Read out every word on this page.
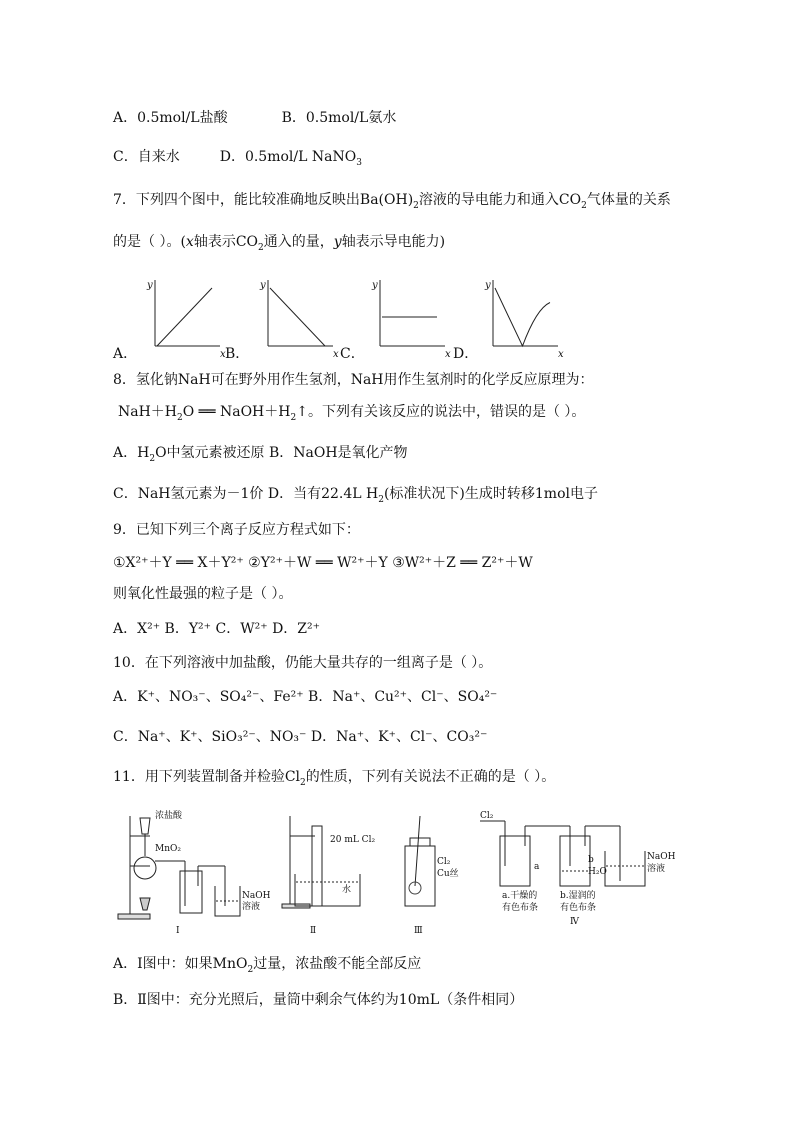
A．0.5mol/L盐酸	B．0.5mol/L氨水
C．自来水	D．0.5mol/L NaNO$_3$
7．下列四个图中，能比较准确地反映出$Ba(OH)_2$溶液的导电能力和通入$CO_2$气体量的关系
的是（ ）。(x轴表示$CO_2$通入的量，y轴表示导电能力)
y
x
y
x
y
x
y
x
A．	B．	C．	D．
8．氢化钠NaH可在野外用作生氢剂，NaH用作生氢剂时的化学反应原理为：
$NaH+H_2O$ ══ $NaOH+H_2↑$。下列有关该反应的说法中，错误的是（ ）。
A．$H_2O$中氢元素被还原 B．NaOH是氧化产物
C．NaH氢元素为－1价 D．当有22.4L $H_2$(标准状况下)生成时转移1mol电子
9．已知下列三个离子反应方程式如下：
①X²⁺＋Y ══ X＋Y²⁺ ②Y²⁺＋W ══ W²⁺＋Y ③W²⁺＋Z ══ Z²⁺＋W
则氧化性最强的粒子是（ ）。
A．X²⁺ B．Y²⁺ C．W²⁺ D．Z²⁺
10．在下列溶液中加盐酸，仍能大量共存的一组离子是（ ）。
A．K⁺、NO₃⁻、SO₄²⁻、Fe²⁺ B．Na⁺、Cu²⁺、Cl⁻、SO₄²⁻
C．Na⁺、K⁺、SiO₃²⁻、NO₃⁻ D．Na⁺、K⁺、Cl⁻、CO₃²⁻
11．用下列装置制备并检验$Cl_2$的性质，下列有关说法不正确的是（ ）。
浓盐酸
MnO₂
NaOH
溶液
Ⅰ
20 mL Cl₂
水
Ⅱ
Cl₂
Cu丝
Ⅲ
Cl₂
a
b
H₂O
NaOH
溶液
a.干燥的
有色布条
b.湿润的
有色布条
Ⅳ
A．Ⅰ图中：如果MnO$_2$过量，浓盐酸不能全部反应
B．Ⅱ图中：充分光照后，量筒中剩余气体约为10mL（条件相同）
